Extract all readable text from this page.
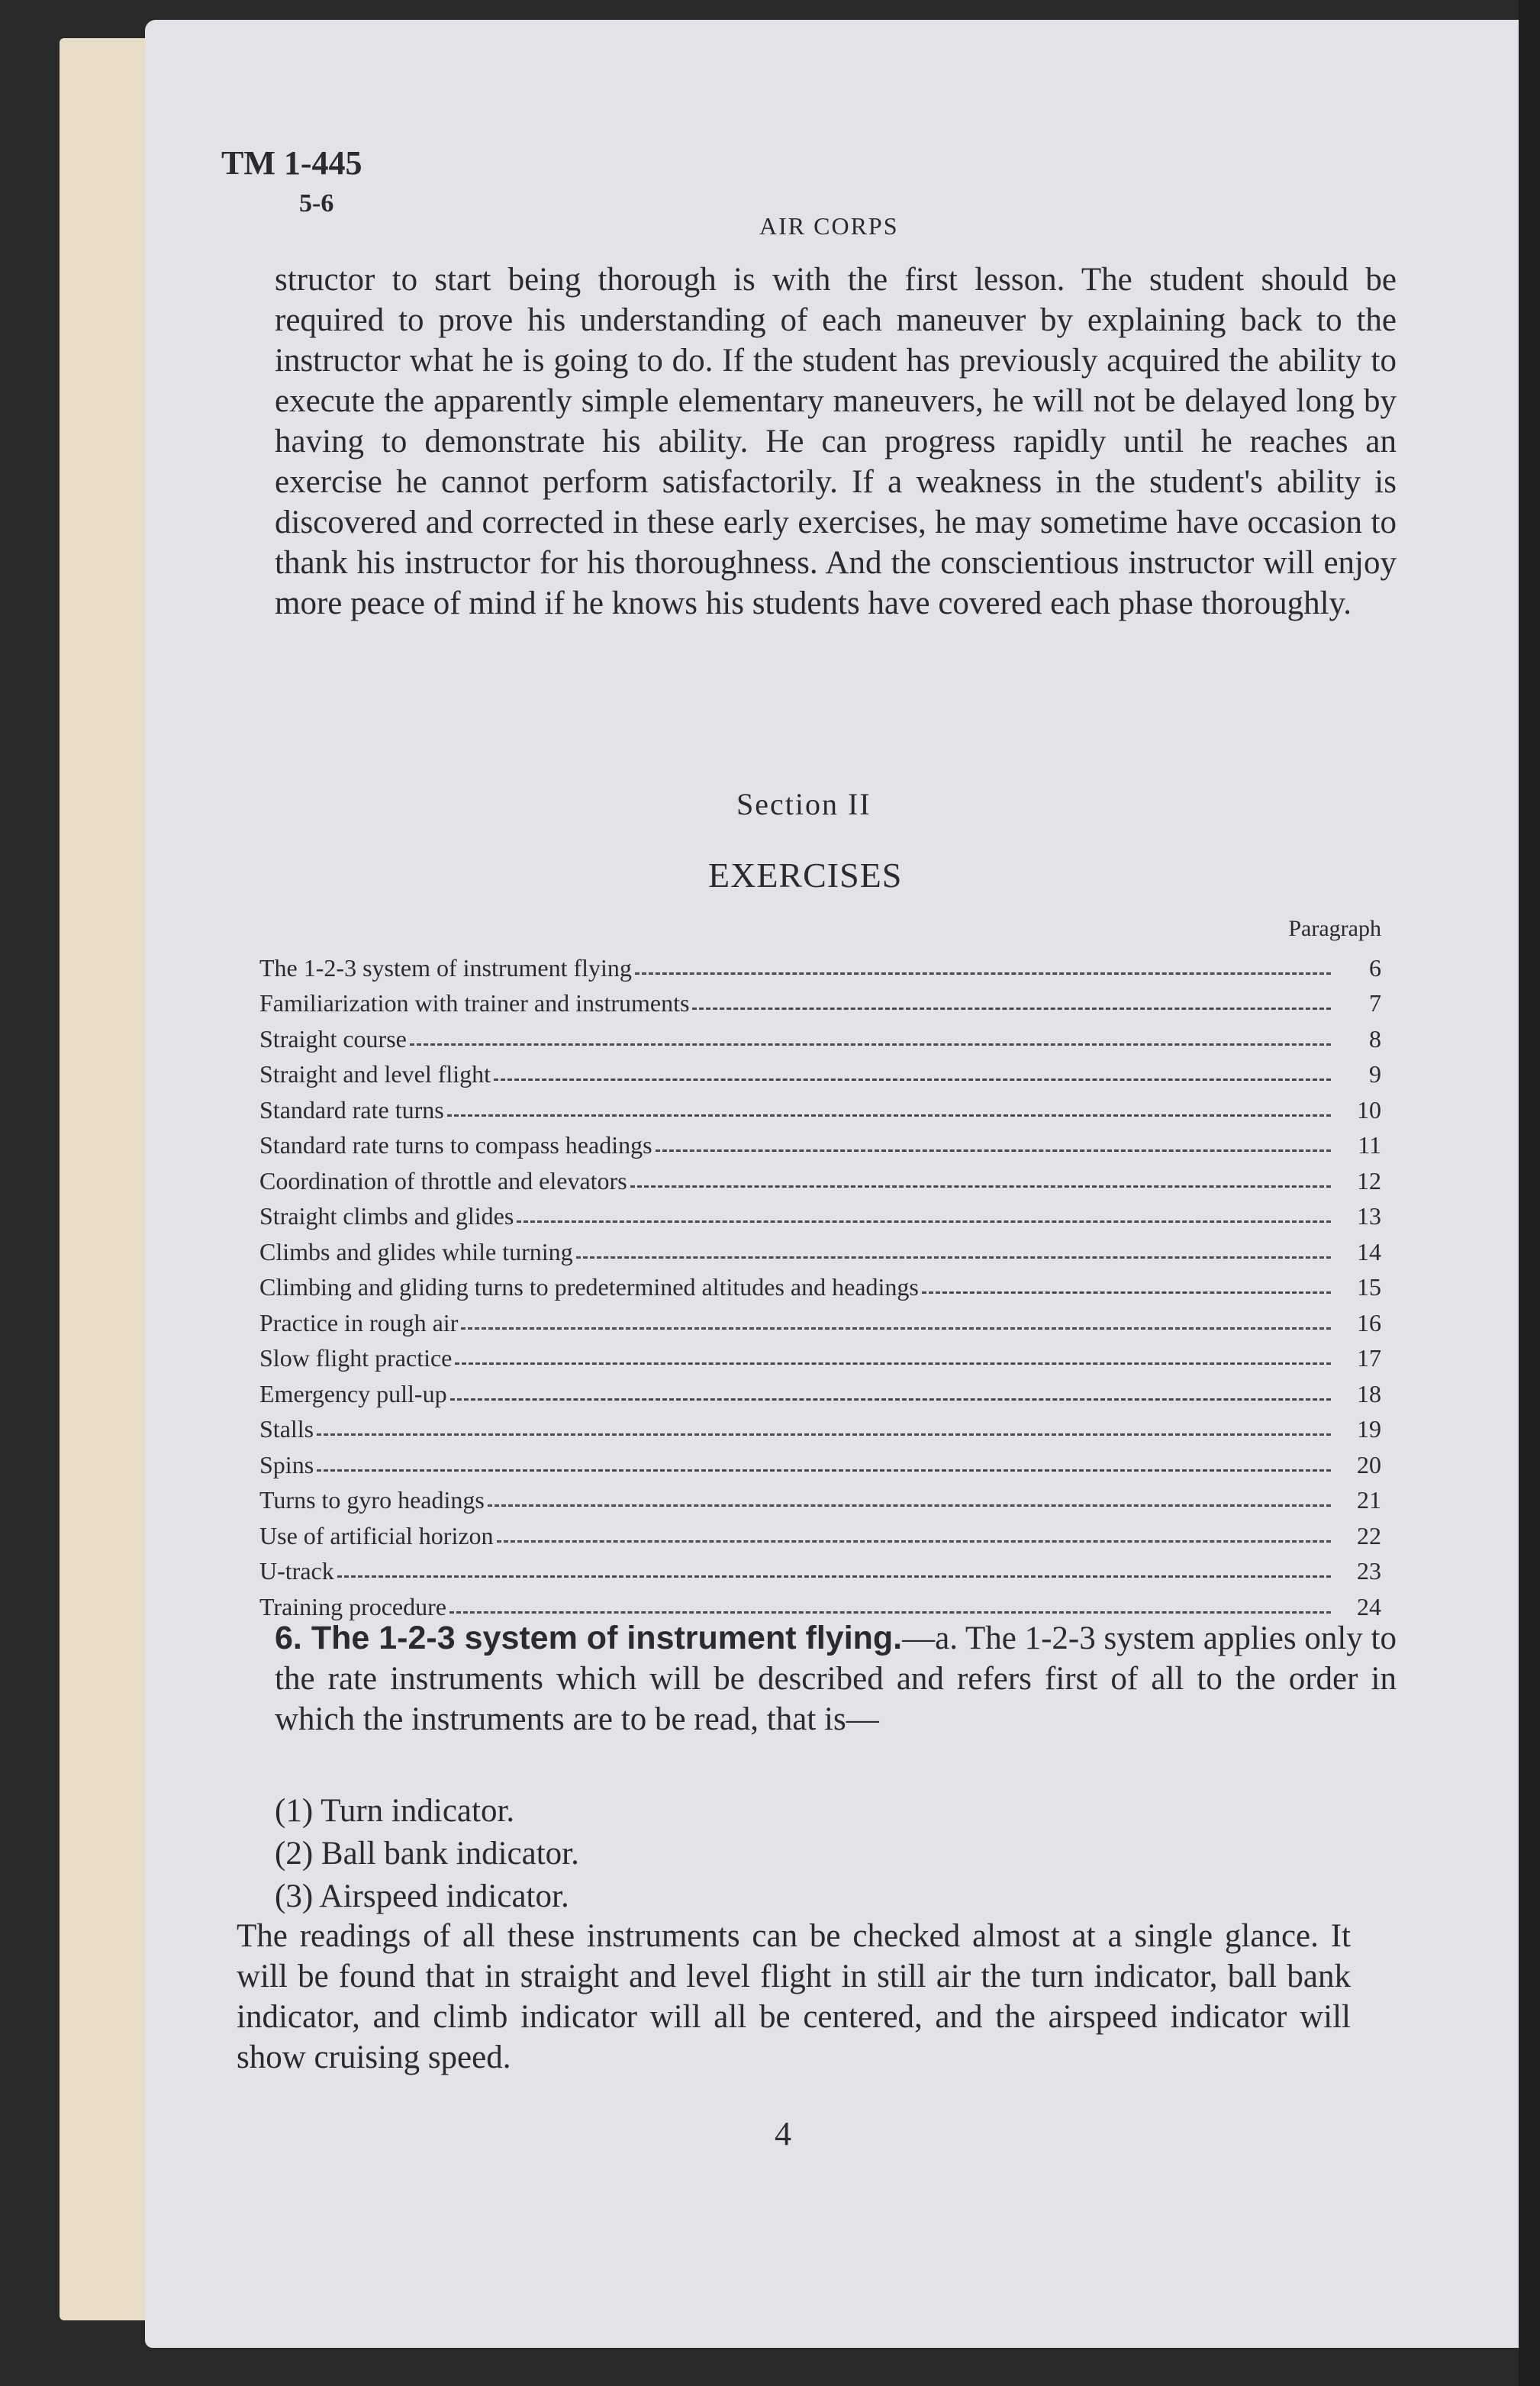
TM 1-445
5-6
AIR CORPS
structor to start being thorough is with the first lesson. The student should be required to prove his understanding of each maneuver by explaining back to the instructor what he is going to do. If the student has previously acquired the ability to execute the apparently simple elementary maneuvers, he will not be delayed long by having to demonstrate his ability. He can progress rapidly until he reaches an exercise he cannot perform satisfactorily. If a weakness in the student's ability is discovered and corrected in these early exercises, he may sometime have occasion to thank his instructor for his thoroughness. And the conscientious instructor will enjoy more peace of mind if he knows his students have covered each phase thoroughly.
Section II
EXERCISES
Paragraph
The 1-2-3 system of instrument flying	6
Familiarization with trainer and instruments	7
Straight course	8
Straight and level flight	9
Standard rate turns	10
Standard rate turns to compass headings	11
Coordination of throttle and elevators	12
Straight climbs and glides	13
Climbs and glides while turning	14
Climbing and gliding turns to predetermined altitudes and headings	15
Practice in rough air	16
Slow flight practice	17
Emergency pull-up	18
Stalls	19
Spins	20
Turns to gyro headings	21
Use of artificial horizon	22
U-track	23
Training procedure	24
6. The 1-2-3 system of instrument flying.—a. The 1-2-3 system applies only to the rate instruments which will be described and refers first of all to the order in which the instruments are to be read, that is—
(1) Turn indicator.
(2) Ball bank indicator.
(3) Airspeed indicator.
The readings of all these instruments can be checked almost at a single glance. It will be found that in straight and level flight in still air the turn indicator, ball bank indicator, and climb indicator will all be centered, and the airspeed indicator will show cruising speed.
4
